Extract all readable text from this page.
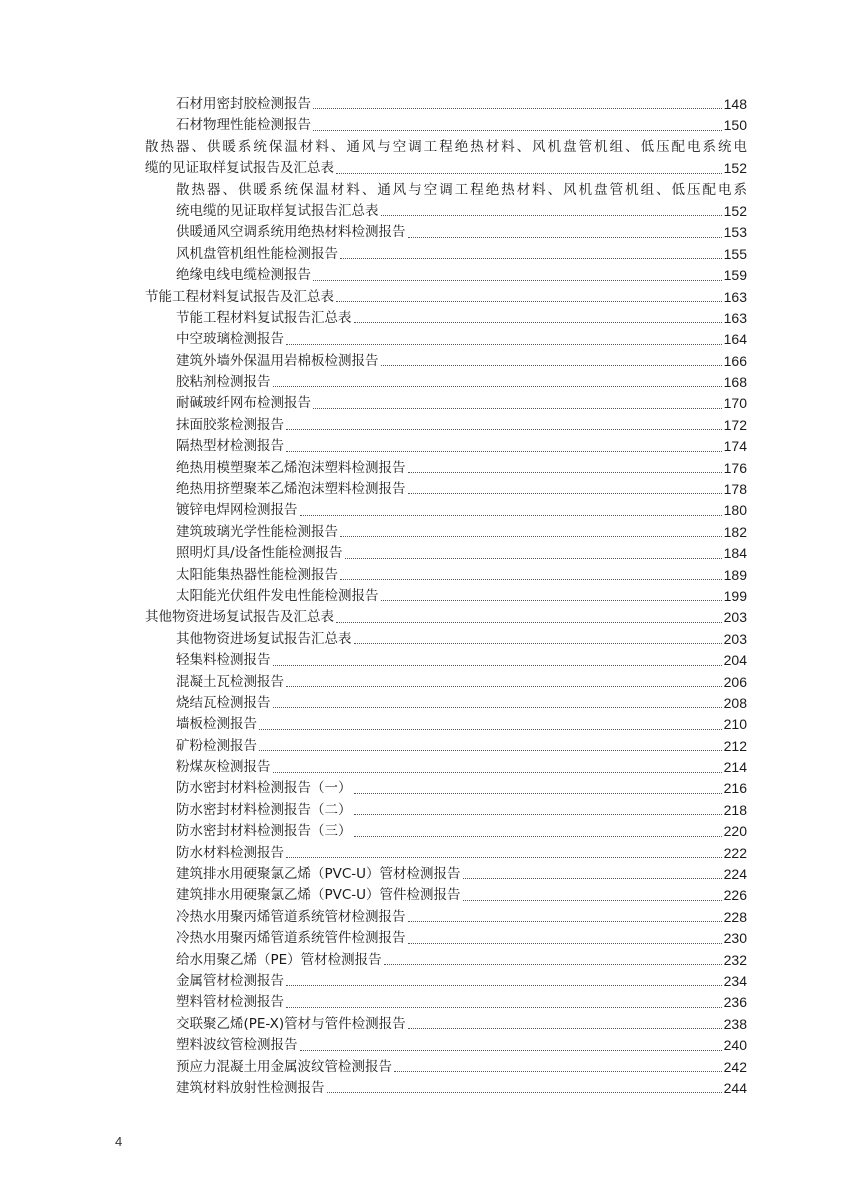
石材用密封胶检测报告	148
石材物理性能检测报告	150
散热器、供暖系统保温材料、通风与空调工程绝热材料、风机盘管机组、低压配电系统电
缆的见证取样复试报告及汇总表	152
散热器、供暖系统保温材料、通风与空调工程绝热材料、风机盘管机组、低压配电系
统电缆的见证取样复试报告汇总表	152
供暖通风空调系统用绝热材料检测报告	153
风机盘管机组性能检测报告	155
绝缘电线电缆检测报告	159
节能工程材料复试报告及汇总表	163
节能工程材料复试报告汇总表	163
中空玻璃检测报告	164
建筑外墙外保温用岩棉板检测报告	166
胶粘剂检测报告	168
耐碱玻纤网布检测报告	170
抹面胶浆检测报告	172
隔热型材检测报告	174
绝热用模塑聚苯乙烯泡沫塑料检测报告	176
绝热用挤塑聚苯乙烯泡沫塑料检测报告	178
镀锌电焊网检测报告	180
建筑玻璃光学性能检测报告	182
照明灯具/设备性能检测报告	184
太阳能集热器性能检测报告	189
太阳能光伏组件发电性能检测报告	199
其他物资进场复试报告及汇总表	203
其他物资进场复试报告汇总表	203
轻集料检测报告	204
混凝土瓦检测报告	206
烧结瓦检测报告	208
墙板检测报告	210
矿粉检测报告	212
粉煤灰检测报告	214
防水密封材料检测报告（一）	216
防水密封材料检测报告（二）	218
防水密封材料检测报告（三）	220
防水材料检测报告	222
建筑排水用硬聚氯乙烯（PVC-U）管材检测报告	224
建筑排水用硬聚氯乙烯（PVC-U）管件检测报告	226
冷热水用聚丙烯管道系统管材检测报告	228
冷热水用聚丙烯管道系统管件检测报告	230
给水用聚乙烯（PE）管材检测报告	232
金属管材检测报告	234
塑料管材检测报告	236
交联聚乙烯(PE-X)管材与管件检测报告	238
塑料波纹管检测报告	240
预应力混凝土用金属波纹管检测报告	242
建筑材料放射性检测报告	244
4
